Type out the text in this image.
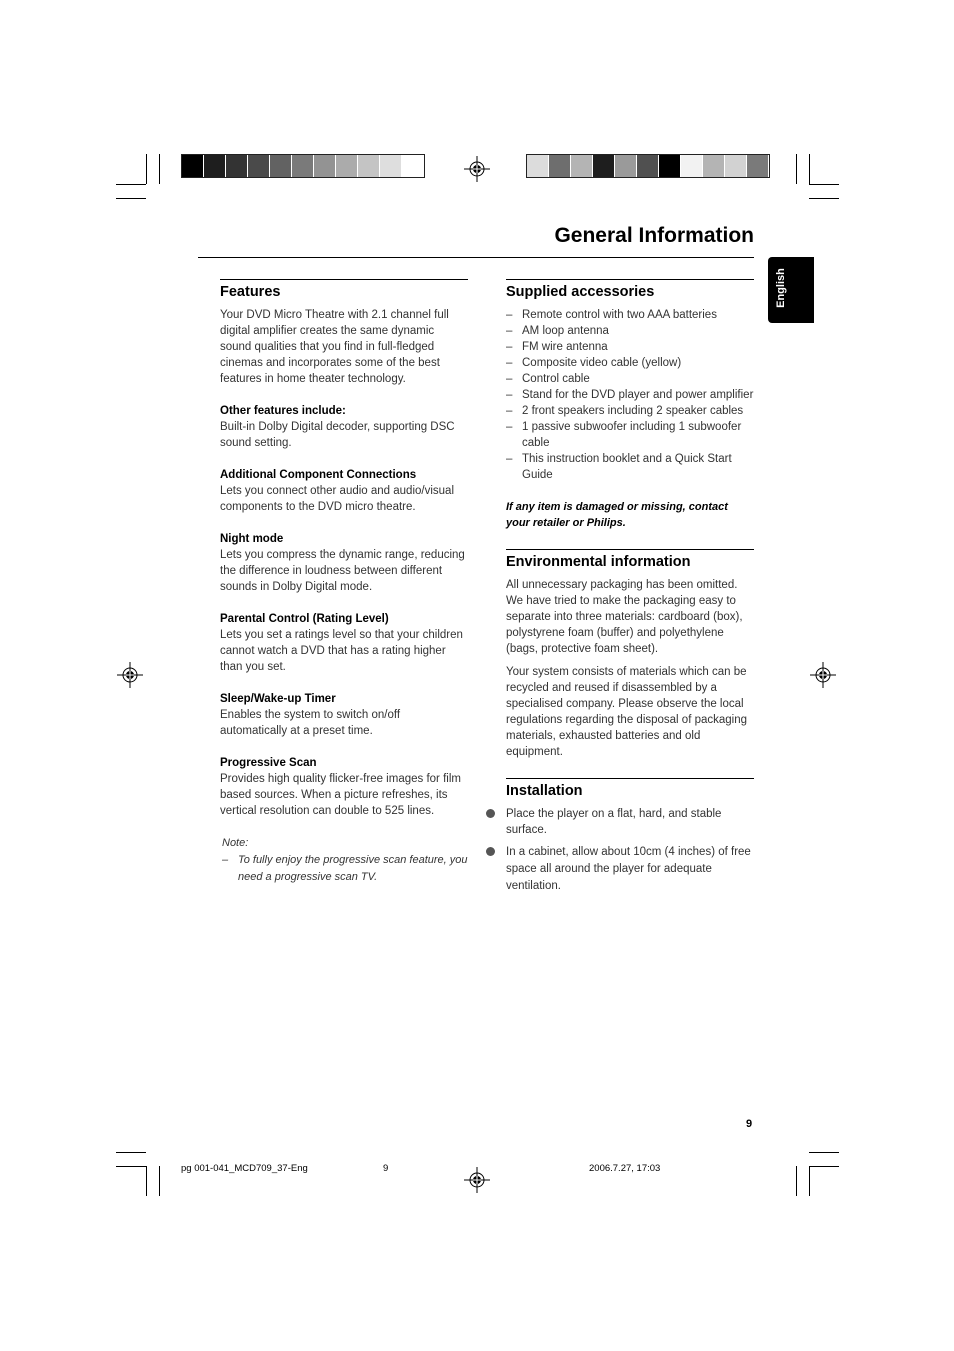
General Information
English
Features

Your DVD Micro Theatre with 2.1 channel full digital amplifier creates the same dynamic sound qualities that you find in full-fledged cinemas and incorporates some of the best features in home theater technology.

Other features include:

Built-in Dolby Digital decoder, supporting DSC sound setting.

Additional Component Connections

Lets you connect other audio and audio/visual components to the DVD micro theatre.

Night mode

Lets you compress the dynamic range, reducing the difference in loudness between different sounds in Dolby Digital mode.

Parental Control (Rating Level)

Lets you set a ratings level so that your children cannot watch a DVD that has a rating higher than you set.

Sleep/Wake-up Timer

Enables the system to switch on/off automatically at a preset time.

Progressive Scan

Provides high quality flicker-free images for film based sources. When a picture refreshes, its vertical resolution can double to 525 lines.

Note:

– To fully enjoy the progressive scan feature, you need a progressive scan TV.
Supplied accessories
– Remote control with two AAA batteries
– AM loop antenna
– FM wire antenna
– Composite video cable (yellow)
– Control cable
– Stand for the DVD player and power amplifier
– 2 front speakers including 2 speaker cables
– 1 passive subwoofer including 1 subwoofer cable
– This instruction booklet and a Quick Start Guide

If any item is damaged or missing, contact your retailer or Philips.

Environmental information

All unnecessary packaging has been omitted. We have tried to make the packaging easy to separate into three materials: cardboard (box), polystyrene foam (buffer) and polyethylene (bags, protective foam sheet).

Your system consists of materials which can be recycled and reused if disassembled by a specialised company. Please observe the local regulations regarding the disposal of packaging materials, exhausted batteries and old equipment.

Installation
Place the player on a flat, hard, and stable surface.
In a cabinet, allow about 10cm (4 inches) of free space all around the player for adequate ventilation.
9
pg 001-041_MCD709_37-Eng	9	2006.7.27, 17:03
